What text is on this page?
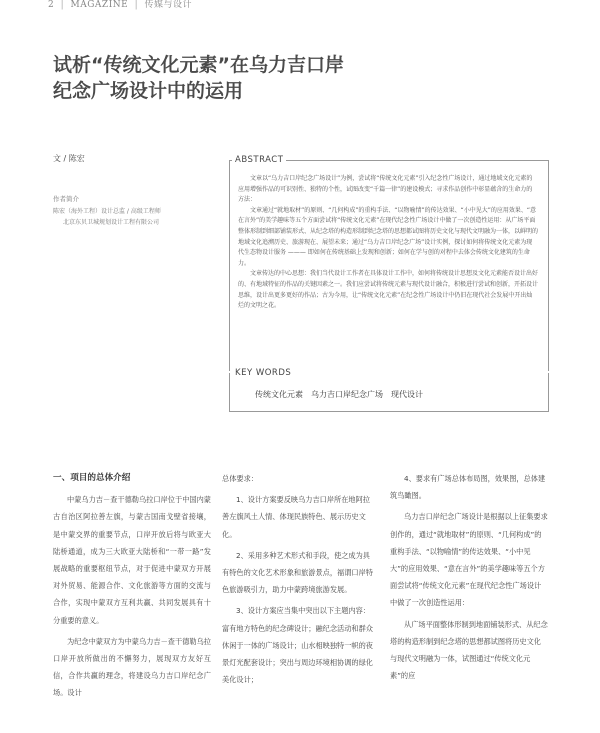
2 | MAGAZINE | 传媒与设计
试析“传统文化元素”在乌力吉口岸
纪念广场设计中的运用
文 / 陈宏
作者简介
陈宏（海外工程）设计总监 / 高级工程师
北京东贝卫城规划设计工程有限公司
ABSTRACT
KEY WORDS

文章以“乌力吉口岸纪念广场设计”为例，尝试将“传统文化元素”引入纪念性广场设计，通过地域文化元素的应用增强作品的可识别性、独特的个性，试图改变“千篇一律”的建设模式；寻求作品创作中彰显蕴含的生命力的方法：

文章通过“就地取材”的原则、“几何构成”的重构手法、“以物喻情”的传达效果、“小中见大”的应用效果、“意在言外”的美学趣味等五个方面尝试将“传统文化元素”在现代纪念性广场设计中做了一次创造性运用：从广场平面整体形制到细部铺装形式、从纪念塔的构造形制到纪念塔的思想都试图将历史文化与现代文明融为一体，以鲜明的地域文化追溯历史、旅游现在、展望未来；通过“乌力吉口岸纪念广场”设计实例，探讨如何将传统文化元素为现代生态物设计服务 ——— 即如何在传统基础上发现和创新；如何在学与创的对程中去体会传统文化建筑的生命力。

文章传达的中心思想：我们当代设计工作者在具体设计工作中，如何将传统设计思想及文化元素能否设计出好的、有地域特征的作品的关键因素之一。我们应尝试将传统元素与现代设计融合，积极进行尝试和创新，开拓设计思维，设计出更多更好的作品；古为今用，让“传统文化元素”在纪念性广场设计中仍旧在现代社会发展中开出灿烂的文明之花。

传统文化元素　乌力吉口岸纪念广场　现代设计
一、项目的总体介绍

中蒙乌力吉－查干德勒乌拉口岸位于中国内蒙古自治区阿拉善左旗，与蒙古国南戈壁省接壤，是中蒙交界的重要节点，口岸开放后将与欧亚大陆桥通道，成为三大欧亚大陆桥和“一带一路”发展战略的重要枢纽节点，对于促进中蒙双方开展对外贸易、能源合作、文化旅游等方面的交流与合作，实现中蒙双方互利共赢、共同发展具有十分重要的意义。

为纪念中蒙双方为中蒙乌力吉－查干德勒乌拉口岸开放所做出的不懈努力，展现双方友好互信，合作共赢的理念，将建设乌力吉口岸纪念广场。设计

总体要求：

1、设计方案要反映乌力吉口岸所在地阿拉善左旗风土人情、体现民族特色、展示历史文化。

2、采用多种艺术形式和手段，使之成为具有特色的文化艺术形象和旅游景点，福谓口岸特色旅游吸引力，助力中蒙跨境旅游发展。

3、设计方案应当集中突出以下主题内容：富有地方特色的纪念碑设计；融纪念活动和群众休闲于一体的广场设计；山水相映独特一帜的夜景灯光配套设计；突出与周边环境相协调的绿化美化设计；

4、要求有广场总体布局图，效果图，总体建筑鸟瞰图。

乌力吉口岸纪念广场设计是根据以上征集要求创作的，通过“就地取材”的原则、“几何构成”的重构手法、“以物喻情”的传达效果、“小中见大”的应用效果、“意在言外”的美学趣味等五个方面尝试将“传统文化元素”在现代纪念性广场设计中做了一次创造性运用：

从广场平面整体形制到地面铺装形式、从纪念塔的构造形制到纪念塔的思想都试图将历史文化与现代文明融为一体，试图通过“传统文化元素”的应
